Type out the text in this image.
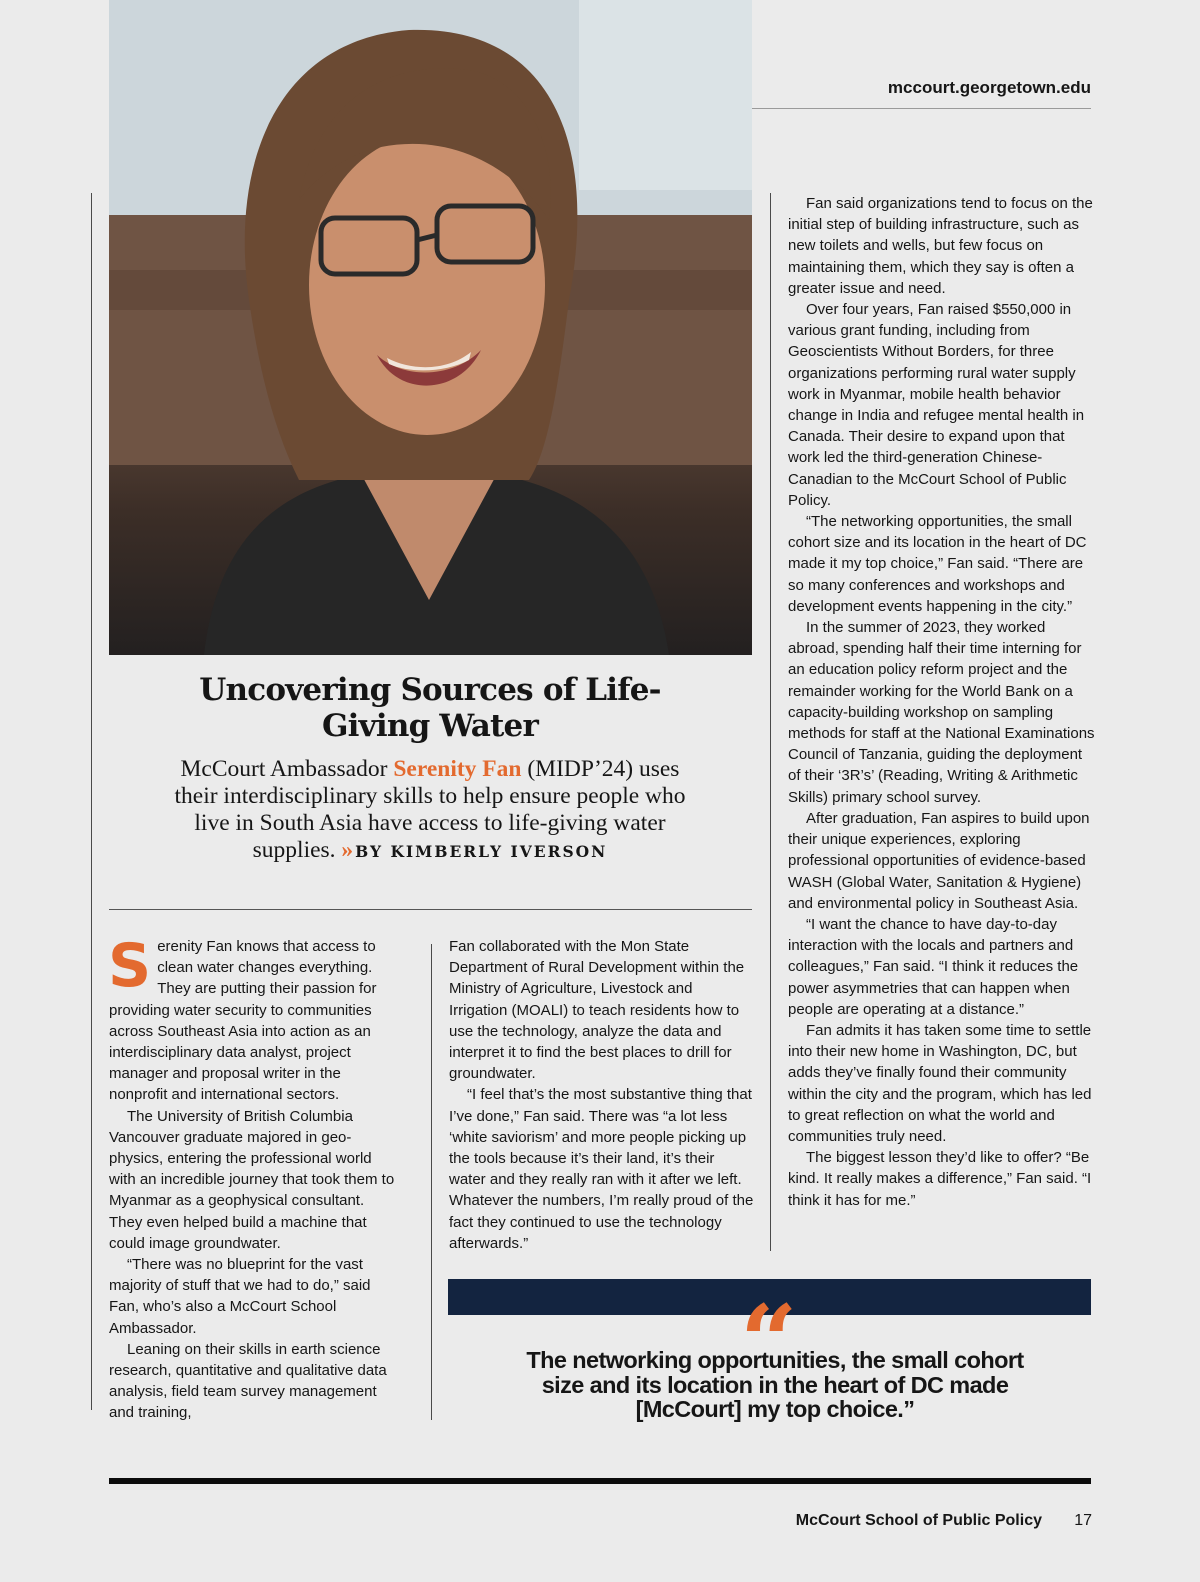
mccourt.georgetown.edu
Uncovering Sources of Life-Giving Water

McCourt Ambassador Serenity Fan (MIDP’24) uses their interdisciplinary skills to help ensure people who live in South Asia have access to life-giving water supplies. » BY KIMBERLY IVERSON

Serenity Fan knows that access to clean water changes everything. They are putting their passion for providing water security to communities across Southeast Asia into action as an interdisciplinary data analyst, project manager and proposal writer in the nonprofit and international sectors.

The University of British Columbia Vancouver graduate majored in geophysics, entering the professional world with an incredible journey that took them to Myanmar as a geophysical consultant. They even helped build a machine that could image groundwater.

“There was no blueprint for the vast majority of stuff that we had to do,” said Fan, who’s also a McCourt School Ambassador.

Leaning on their skills in earth science research, quantitative and qualitative data analysis, field team survey management and training,

Fan collaborated with the Mon State Department of Rural Development within the Ministry of Agriculture, Livestock and Irrigation (MOALI) to teach residents how to use the technology, analyze the data and interpret it to find the best places to drill for groundwater.

“I feel that’s the most substantive thing that I’ve done,” Fan said. There was “a lot less ‘white saviorism’ and more people picking up the tools because it’s their land, it’s their water and they really ran with it after we left. Whatever the numbers, I’m really proud of the fact they continued to use the technology afterwards.”

Fan said organizations tend to focus on the initial step of building infrastructure, such as new toilets and wells, but few focus on maintaining them, which they say is often a greater issue and need.

Over four years, Fan raised $550,000 in various grant funding, including from Geoscientists Without Borders, for three organizations performing rural water supply work in Myanmar, mobile health behavior change in India and refugee mental health in Canada. Their desire to expand upon that work led the third-generation Chinese-Canadian to the McCourt School of Public Policy.

“The networking opportunities, the small cohort size and its location in the heart of DC made it my top choice,” Fan said. “There are so many conferences and workshops and development events happening in the city.”

In the summer of 2023, they worked abroad, spending half their time interning for an education policy reform project and the remainder working for the World Bank on a capacity-building workshop on sampling methods for staff at the National Examinations Council of Tanzania, guiding the deployment of their ‘3R’s’ (Reading, Writing & Arithmetic Skills) primary school survey.

After graduation, Fan aspires to build upon their unique experiences, exploring professional opportunities of evidence-based WASH (Global Water, Sanitation & Hygiene) and environmental policy in Southeast Asia.

“I want the chance to have day-to-day interaction with the locals and partners and colleagues,” Fan said. “I think it reduces the power asymmetries that can happen when people are operating at a distance.”

Fan admits it has taken some time to settle into their new home in Washington, DC, but adds they’ve finally found their community within the city and the program, which has led to great reflection on what the world and communities truly need.

The biggest lesson they’d like to offer? “Be kind. It really makes a difference,” Fan said. “I think it has for me.”

“

The networking opportunities, the small cohort size and its location in the heart of DC made [McCourt] my top choice.”

McCourt School of Public Policy	17
